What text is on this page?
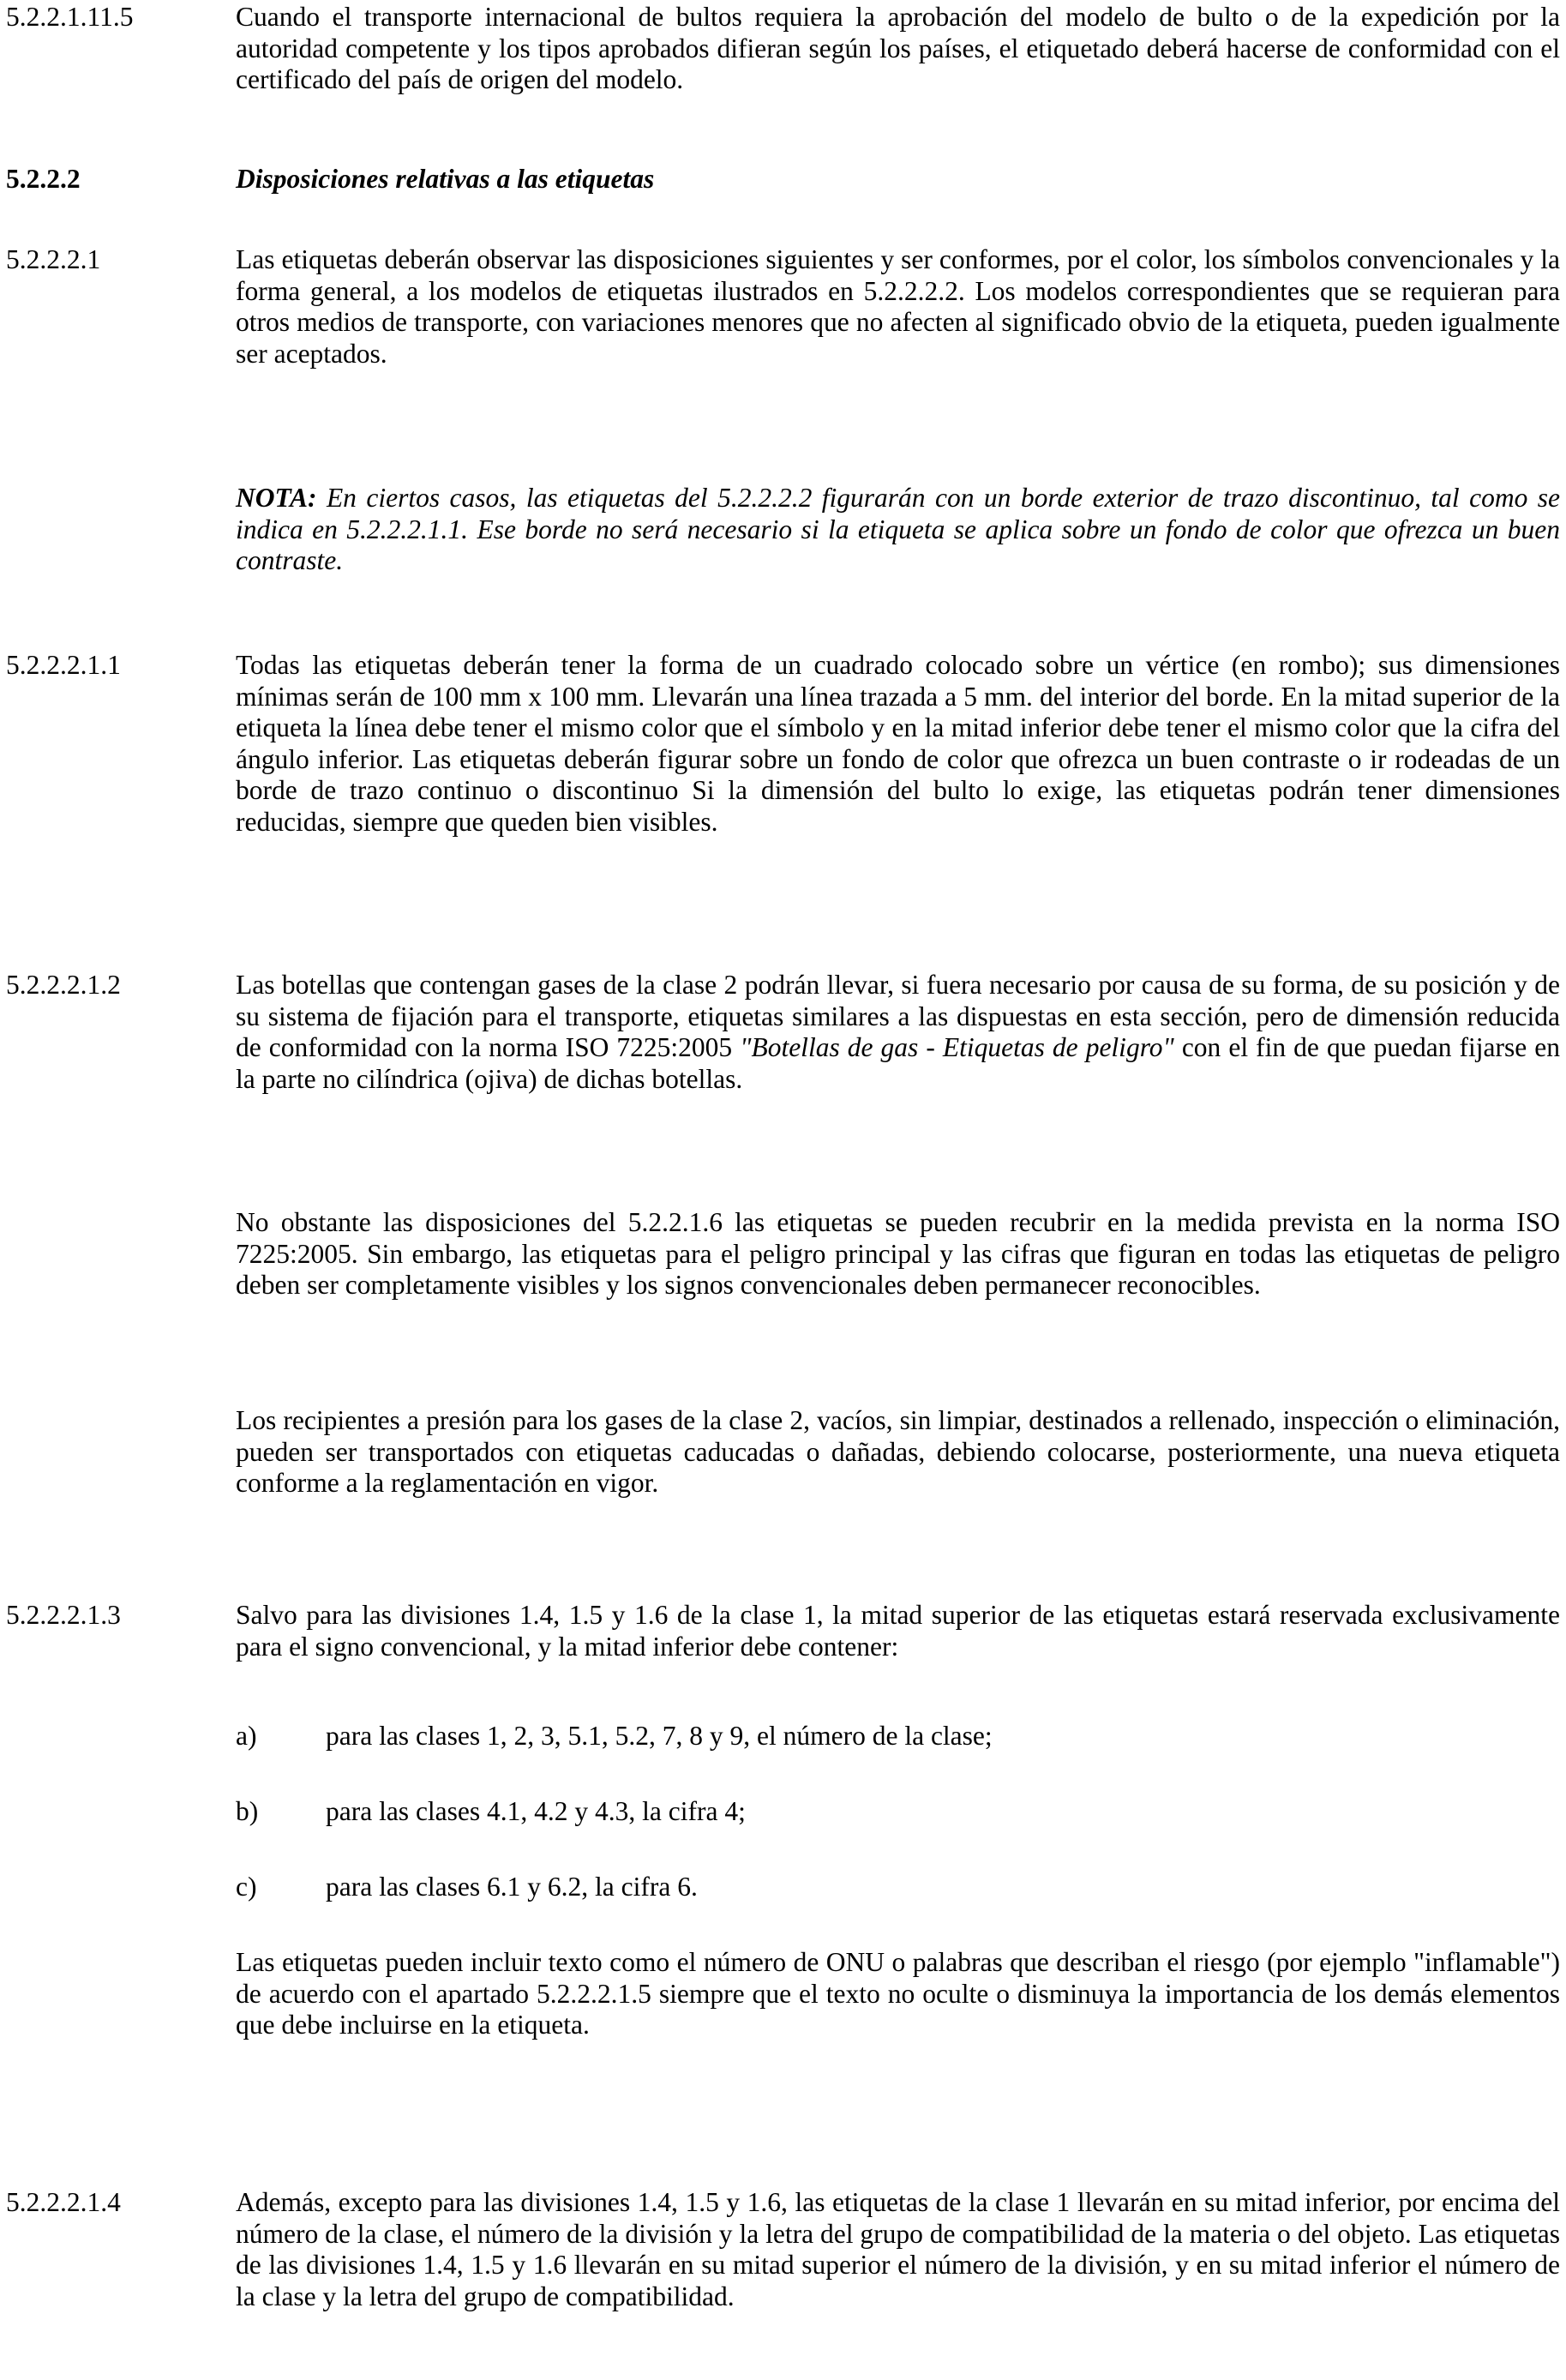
5.2.2.1.11.5	Cuando el transporte internacional de bultos requiera la aprobación del modelo de bulto o de la expedición por la autoridad competente y los tipos aprobados difieran según los países, el etiquetado deberá hacerse de conformidad con el certificado del país de origen del modelo.
5.2.2.2	Disposiciones relativas a las etiquetas
5.2.2.2.1	Las etiquetas deberán observar las disposiciones siguientes y ser conformes, por el color, los símbolos convencionales y la forma general, a los modelos de etiquetas ilustrados en 5.2.2.2.2. Los modelos correspondientes que se requieran para otros medios de transporte, con variaciones menores que no afecten al significado obvio de la etiqueta, pueden igualmente ser aceptados.
NOTA: En ciertos casos, las etiquetas del 5.2.2.2.2 figurarán con un borde exterior de trazo discontinuo, tal como se indica en 5.2.2.2.1.1. Ese borde no será necesario si la etiqueta se aplica sobre un fondo de color que ofrezca un buen contraste.
5.2.2.2.1.1	Todas las etiquetas deberán tener la forma de un cuadrado colocado sobre un vértice (en rombo); sus dimensiones mínimas serán de 100 mm x 100 mm. Llevarán una línea trazada a 5 mm. del interior del borde. En la mitad superior de la etiqueta la línea debe tener el mismo color que el símbolo y en la mitad inferior debe tener el mismo color que la cifra del ángulo inferior. Las etiquetas deberán figurar sobre un fondo de color que ofrezca un buen contraste o ir rodeadas de un borde de trazo continuo o discontinuo Si la dimensión del bulto lo exige, las etiquetas podrán tener dimensiones reducidas, siempre que queden bien visibles.
5.2.2.2.1.2	Las botellas que contengan gases de la clase 2 podrán llevar, si fuera necesario por causa de su forma, de su posición y de su sistema de fijación para el transporte, etiquetas similares a las dispuestas en esta sección, pero de dimensión reducida de conformidad con la norma ISO 7225:2005 "Botellas de gas - Etiquetas de peligro" con el fin de que puedan fijarse en la parte no cilíndrica (ojiva) de dichas botellas.
No obstante las disposiciones del 5.2.2.1.6 las etiquetas se pueden recubrir en la medida prevista en la norma ISO 7225:2005. Sin embargo, las etiquetas para el peligro principal y las cifras que figuran en todas las etiquetas de peligro deben ser completamente visibles y los signos convencionales deben permanecer reconocibles.
Los recipientes a presión para los gases de la clase 2, vacíos, sin limpiar, destinados a rellenado, inspección o eliminación, pueden ser transportados con etiquetas caducadas o dañadas, debiendo colocarse, posteriormente, una nueva etiqueta conforme a la reglamentación en vigor.
5.2.2.2.1.3	Salvo para las divisiones 1.4, 1.5 y 1.6 de la clase 1, la mitad superior de las etiquetas estará reservada exclusivamente para el signo convencional, y la mitad inferior debe contener:
a)	para las clases 1, 2, 3, 5.1, 5.2, 7, 8 y 9, el número de la clase;
b)	para las clases 4.1, 4.2 y 4.3, la cifra 4;
c)	para las clases 6.1 y 6.2, la cifra 6.
Las etiquetas pueden incluir texto como el número de ONU o palabras que describan el riesgo (por ejemplo "inflamable") de acuerdo con el apartado 5.2.2.2.1.5 siempre que el texto no oculte o disminuya la importancia de los demás elementos que debe incluirse en la etiqueta.
5.2.2.2.1.4	Además, excepto para las divisiones 1.4, 1.5 y 1.6, las etiquetas de la clase 1 llevarán en su mitad inferior, por encima del número de la clase, el número de la división y la letra del grupo de compatibilidad de la materia o del objeto. Las etiquetas de las divisiones 1.4, 1.5 y 1.6 llevarán en su mitad superior el número de la división, y en su mitad inferior el número de la clase y la letra del grupo de compatibilidad.
